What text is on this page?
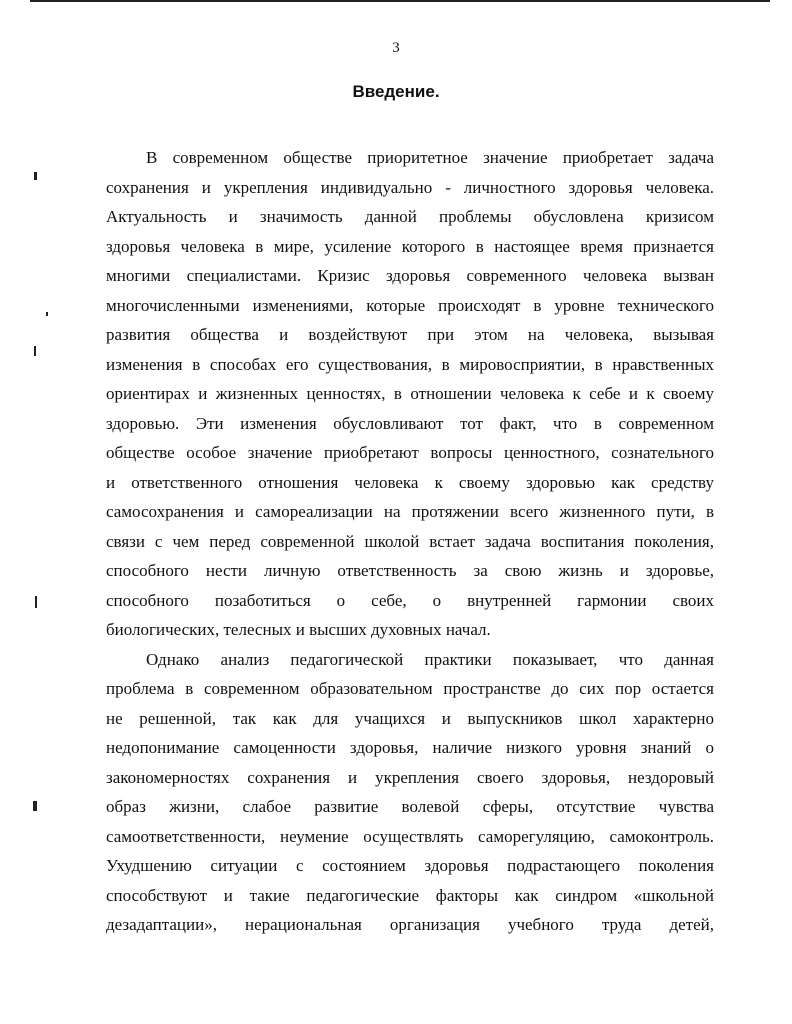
3
Введение.
В современном обществе приоритетное значение приобретает задача
сохранения и укрепления индивидуально - личностного здоровья человека.
Актуальность и значимость данной проблемы обусловлена кризисом
здоровья человека в мире, усиление которого в настоящее время признается
многими специалистами. Кризис здоровья современного человека вызван
многочисленными изменениями, которые происходят в уровне технического
развития общества и воздействуют при этом на человека, вызывая
изменения в способах его существования, в мировосприятии, в нравственных
ориентирах и жизненных ценностях, в отношении человека к себе и к своему
здоровью. Эти изменения обусловливают тот факт, что в современном
обществе особое значение приобретают вопросы ценностного, сознательного
и ответственного отношения человека к своему здоровью как средству
самосохранения и самореализации на протяжении всего жизненного пути, в
связи с чем перед современной школой встает задача воспитания поколения,
способного нести личную ответственность за свою жизнь и здоровье,
способного позаботиться о себе, о внутренней гармонии своих
биологических, телесных и высших духовных начал.
Однако анализ педагогической практики показывает, что данная
проблема в современном образовательном пространстве до сих пор остается
не решенной, так как для учащихся и выпускников школ характерно
недопонимание самоценности здоровья, наличие низкого уровня знаний о
закономерностях сохранения и укрепления своего здоровья, нездоровый
образ жизни, слабое развитие волевой сферы, отсутствие чувства
самоответственности, неумение осуществлять саморегуляцию, самоконтроль.
Ухудшению ситуации с состоянием здоровья подрастающего поколения
способствуют и такие педагогические факторы как синдром «школьной
дезадаптации», нерациональная организация учебного труда детей,
